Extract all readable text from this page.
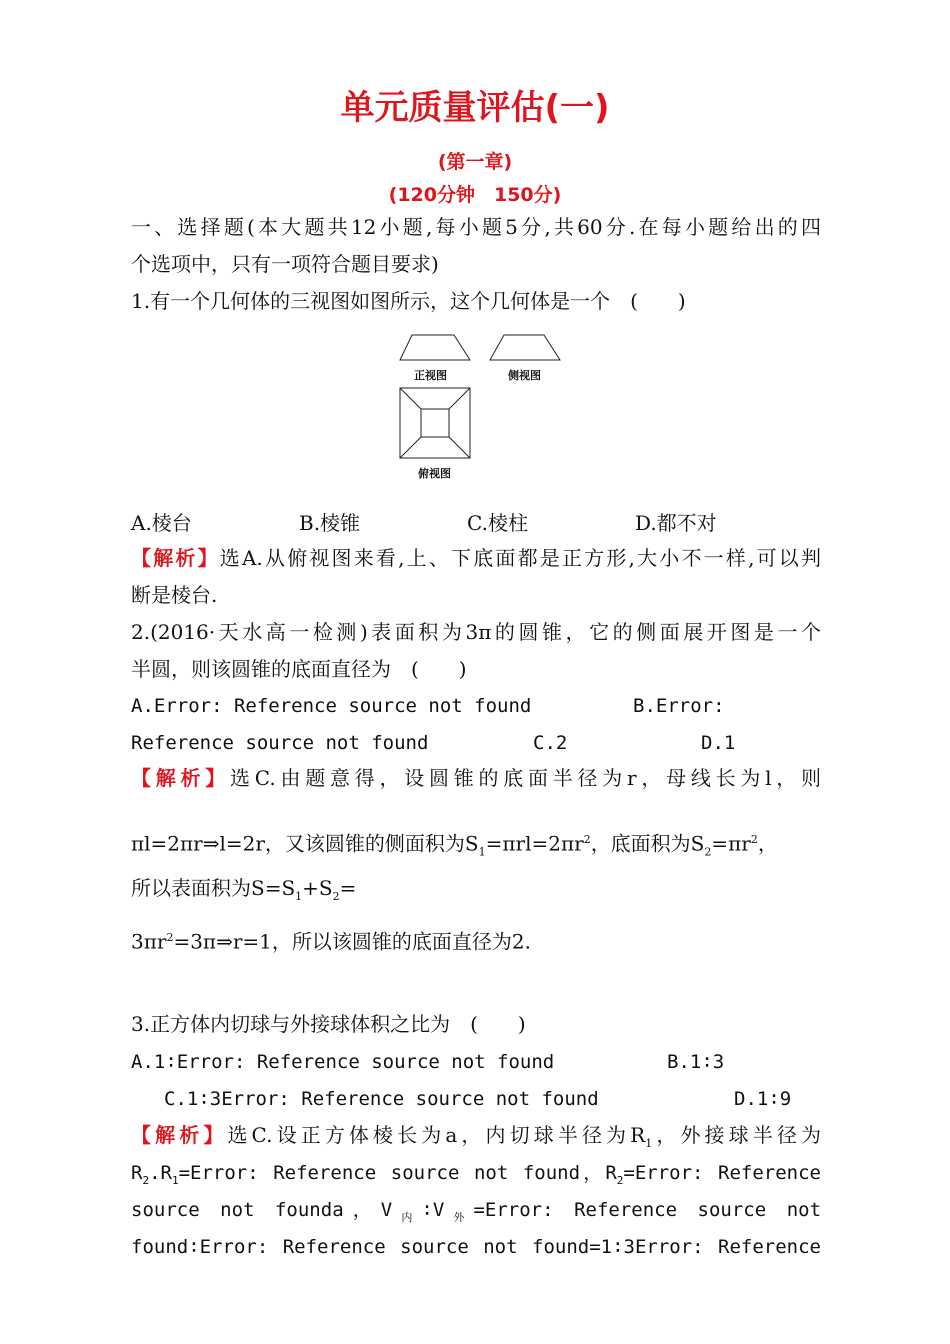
单元质量评估(一)
(第一章)
(120分钟　150分)
一、选择题(本大题共12小题,每小题5分,共60分.在每小题给出的四
个选项中，只有一项符合题目要求)
1.有一个几何体的三视图如图所示，这个几何体是一个　(　　)
正视图	侧视图
俯视图
A.棱台	B.棱锥	C.棱柱	D.都不对
【解析】选A.从俯视图来看,上、下底面都是正方形,大小不一样,可以判
断是棱台.
2.(2016·天水高一检测)表面积为3π的圆锥，它的侧面展开图是一个
半圆，则该圆锥的底面直径为　(　　)
A.Error: Reference source not found	B.Error:
Reference source not found	C.2	D.1
【解析】选C.由题意得，设圆锥的底面半径为r，母线长为l，则
πl=2πr⇒l=2r，又该圆锥的侧面积为$S_1=\pi rl=2\pi r^2$，底面积为$S_2=\pi r^2$，
所以表面积为$S=S_1+S_2=$
$3\pi r^2=3\pi\Rightarrow r=1$，所以该圆锥的底面直径为2.
3.正方体内切球与外接球体积之比为　(　　)
A.1∶Error: Reference source not found	B.1∶3
C.1∶3Error: Reference source not found	D.1∶9
【解析】选C.设正方体棱长为a，内切球半径为$R_1$，外接球半径为
$R_2.R_1=Error$: Reference source not found，$R_2=Error$: Reference
source not founda，$V_内∶V_外=Error$: Reference source not
found∶Error: Reference source not found=1∶3Error: Reference
